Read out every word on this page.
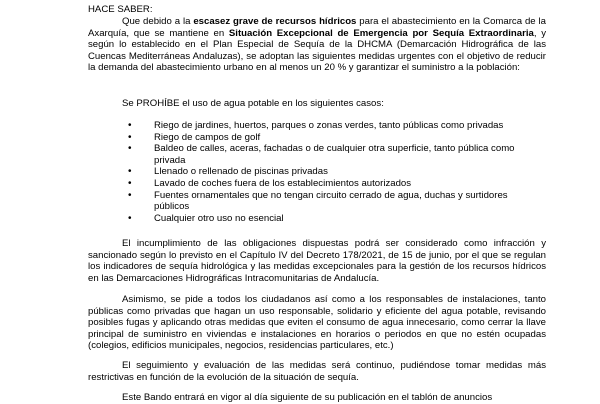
HACE SABER:

Que debido a la escasez grave de recursos hídricos para el abastecimiento en la Comarca de la Axarquía, que se mantiene en Situación Excepcional de Emergencia por Sequía Extraordinaria, y según lo establecido en el Plan Especial de Sequía de la DHCMA (Demarcación Hidrográfica de las Cuencas Mediterráneas Andaluzas), se adoptan las siguientes medidas urgentes con el objetivo de reducir la demanda del abastecimiento urbano en al menos un 20 % y garantizar el suministro a la población:

Se PROHÍBE el uso de agua potable en los siguientes casos:

• Riego de jardines, huertos, parques o zonas verdes, tanto públicas como privadas
• Riego de campos de golf
• Baldeo de calles, aceras, fachadas o de cualquier otra superficie, tanto pública como privada
• Llenado o rellenado de piscinas privadas
• Lavado de coches fuera de los establecimientos autorizados
• Fuentes ornamentales que no tengan circuito cerrado de agua, duchas y surtidores públicos
• Cualquier otro uso no esencial

El incumplimiento de las obligaciones dispuestas podrá ser considerado como infracción y sancionado según lo previsto en el Capítulo IV del Decreto 178/2021, de 15 de junio, por el que se regulan los indicadores de sequía hidrológica y las medidas excepcionales para la gestión de los recursos hídricos en las Demarcaciones Hidrográficas Intracomunitarias de Andalucía.

Asimismo, se pide a todos los ciudadanos así como a los responsables de instalaciones, tanto públicas como privadas que hagan un uso responsable, solidario y eficiente del agua potable, revisando posibles fugas y aplicando otras medidas que eviten el consumo de agua innecesario, como cerrar la llave principal de suministro en viviendas e instalaciones en horarios o periodos en que no estén ocupadas (colegios, edificios municipales, negocios, residencias particulares, etc.)

El seguimiento y evaluación de las medidas será continuo, pudiéndose tomar medidas más restrictivas en función de la evolución de la situación de sequía.

Este Bando entrará en vigor al día siguiente de su publicación en el tablón de anuncios
